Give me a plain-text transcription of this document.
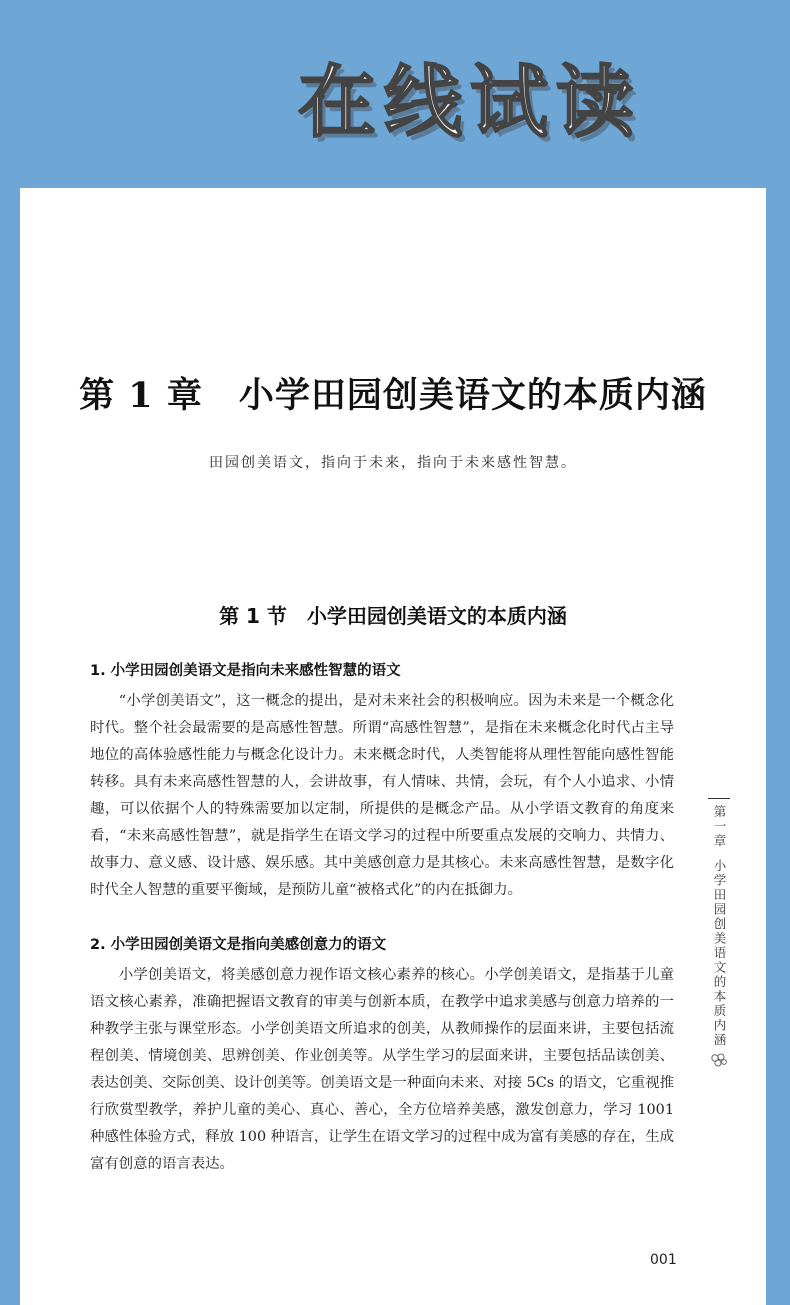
在线试读
第 1 章　小学田园创美语文的本质内涵
田园创美语文，指向于未来，指向于未来感性智慧。
第 1 节　小学田园创美语文的本质内涵
1. 小学田园创美语文是指向未来感性智慧的语文

“小学创美语文”，这一概念的提出，是对未来社会的积极响应。因为未来是一个概念化时代。整个社会最需要的是高感性智慧。所谓“高感性智慧”，是指在未来概念化时代占主导地位的高体验感性能力与概念化设计力。未来概念时代，人类智能将从理性智能向感性智能转移。具有未来高感性智慧的人，会讲故事，有人情味、共情，会玩，有个人小追求、小情趣，可以依据个人的特殊需要加以定制，所提供的是概念产品。从小学语文教育的角度来看，“未来高感性智慧”，就是指学生在语文学习的过程中所要重点发展的交响力、共情力、故事力、意义感、设计感、娱乐感。其中美感创意力是其核心。未来高感性智慧，是数字化时代全人智慧的重要平衡域，是预防儿童“被格式化”的内在抵御力。

2. 小学田园创美语文是指向美感创意力的语文

小学创美语文，将美感创意力视作语文核心素养的核心。小学创美语文，是指基于儿童语文核心素养，准确把握语文教育的审美与创新本质，在教学中追求美感与创意力培养的一种教学主张与课堂形态。小学创美语文所追求的创美，从教师操作的层面来讲，主要包括流程创美、情境创美、思辨创美、作业创美等。从学生学习的层面来讲，主要包括品读创美、表达创美、交际创美、设计创美等。创美语文是一种面向未来、对接 5Cs 的语文，它重视推行欣赏型教学，养护儿童的美心、真心、善心，全方位培养美感，激发创意力，学习 1001 种感性体验方式，释放 100 种语言，让学生在语文学习的过程中成为富有美感的存在，生成富有创意的语言表达。

第一章
小学田园创美语文的本质内涵
001
